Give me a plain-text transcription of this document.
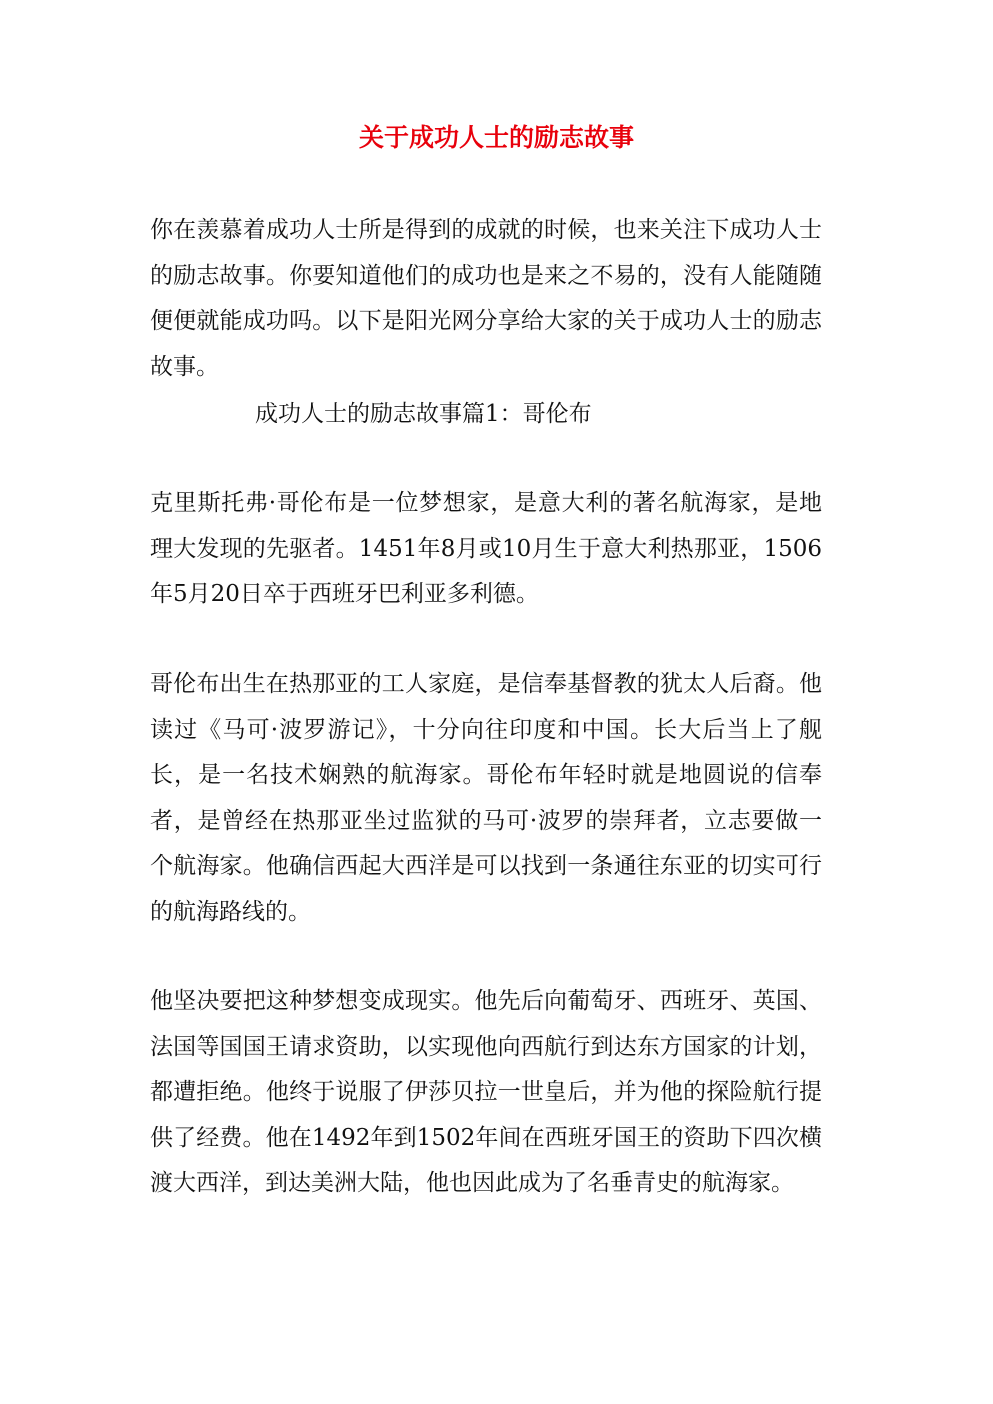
关于成功人士的励志故事

你在羡慕着成功人士所是得到的成就的时候，也来关注下成功人士的励志故事。你要知道他们的成功也是来之不易的，没有人能随随便便就能成功吗。以下是阳光网分享给大家的关于成功人士的励志故事。

成功人士的励志故事篇1：哥伦布

克里斯托弗·哥伦布是一位梦想家，是意大利的著名航海家，是地理大发现的先驱者。1451年8月或10月生于意大利热那亚，1506年5月20日卒于西班牙巴利亚多利德。

哥伦布出生在热那亚的工人家庭，是信奉基督教的犹太人后裔。他读过《马可·波罗游记》，十分向往印度和中国。长大后当上了舰长，是一名技术娴熟的航海家。哥伦布年轻时就是地圆说的信奉者，是曾经在热那亚坐过监狱的马可·波罗的崇拜者，立志要做一个航海家。他确信西起大西洋是可以找到一条通往东亚的切实可行的航海路线的。

他坚决要把这种梦想变成现实。他先后向葡萄牙、西班牙、英国、法国等国国王请求资助，以实现他向西航行到达东方国家的计划，都遭拒绝。他终于说服了伊莎贝拉一世皇后，并为他的探险航行提供了经费。他在1492年到1502年间在西班牙国王的资助下四次横渡大西洋，到达美洲大陆，他也因此成为了名垂青史的航海家。
